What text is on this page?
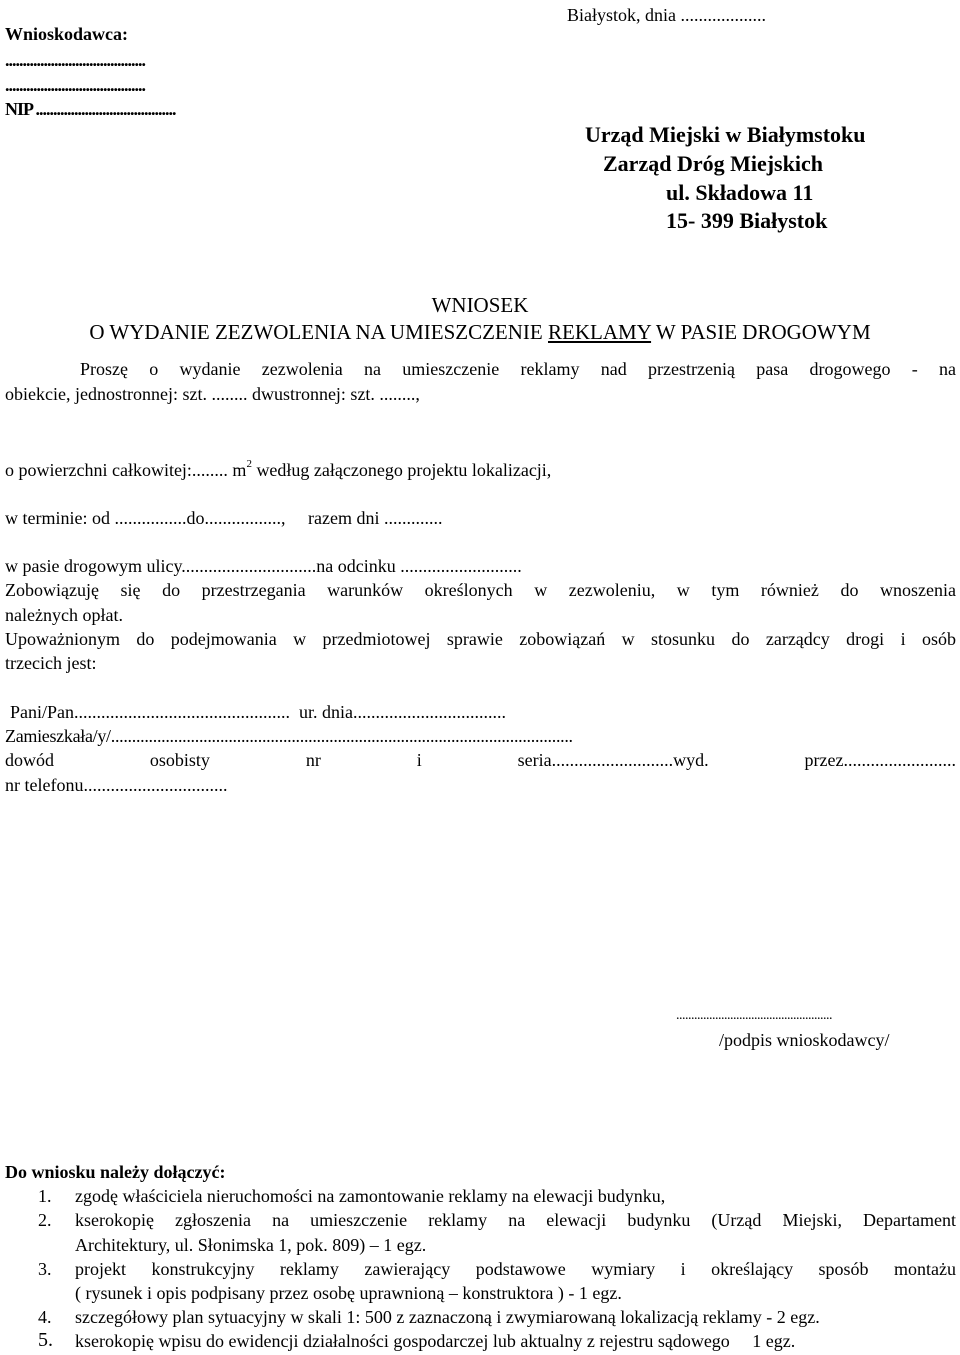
Wnioskodawca:
........................................
........................................
NIP ........................................
Białystok, dnia ...................
Urząd Miejski w Białymstoku
Zarząd Dróg Miejskich
ul. Składowa 11
15- 399 Białystok
WNIOSEK
O WYDANIE ZEZWOLENIA NA UMIESZCZENIE REKLAMY W PASIE DROGOWYM
Proszę o wydanie zezwolenia na umieszczenie reklamy nad przestrzenią pasa drogowego - na
obiekcie, jednostronnej: szt. ........ dwustronnej: szt. ........,
o powierzchni całkowitej:........ $m^2$ według załączonego projektu lokalizacji,
w terminie: od ................do.................,     razem dni .............
w pasie drogowym ulicy..............................na odcinku ...........................
Zobowiązuję się do przestrzegania warunków określonych w zezwoleniu, w tym również do wnoszenia
należnych opłat.
Upoważnionym do podejmowania w przedmiotowej sprawie zobowiązań w stosunku do zarządcy drogi i osób
trzecich jest:
Pani/Pan................................................  ur. dnia..................................
Zamieszkała/y/..............................................................................................................
dowód osobisty nr i seria...........................wyd. przez.........................
nr telefonu................................
....................................................
/podpis wnioskodawcy/
Do wniosku należy dołączyć:
1. zgodę właściciela nieruchomości na zamontowanie reklamy na elewacji budynku,
2. kserokopię zgłoszenia na umieszczenie reklamy na elewacji budynku (Urząd Miejski, Departament
Architektury, ul. Słonimska 1, pok. 809) – 1 egz.
3. projekt konstrukcyjny reklamy zawierający podstawowe wymiary i określający sposób montażu
( rysunek i opis podpisany przez osobę uprawnioną – konstruktora ) - 1 egz.
4. szczegółowy plan sytuacyjny w skali 1: 500 z zaznaczoną i zwymiarowaną lokalizacją reklamy - 2 egz.
5. kserokopię wpisu do ewidencji działalności gospodarczej lub aktualny z rejestru sądowego     1 egz.
